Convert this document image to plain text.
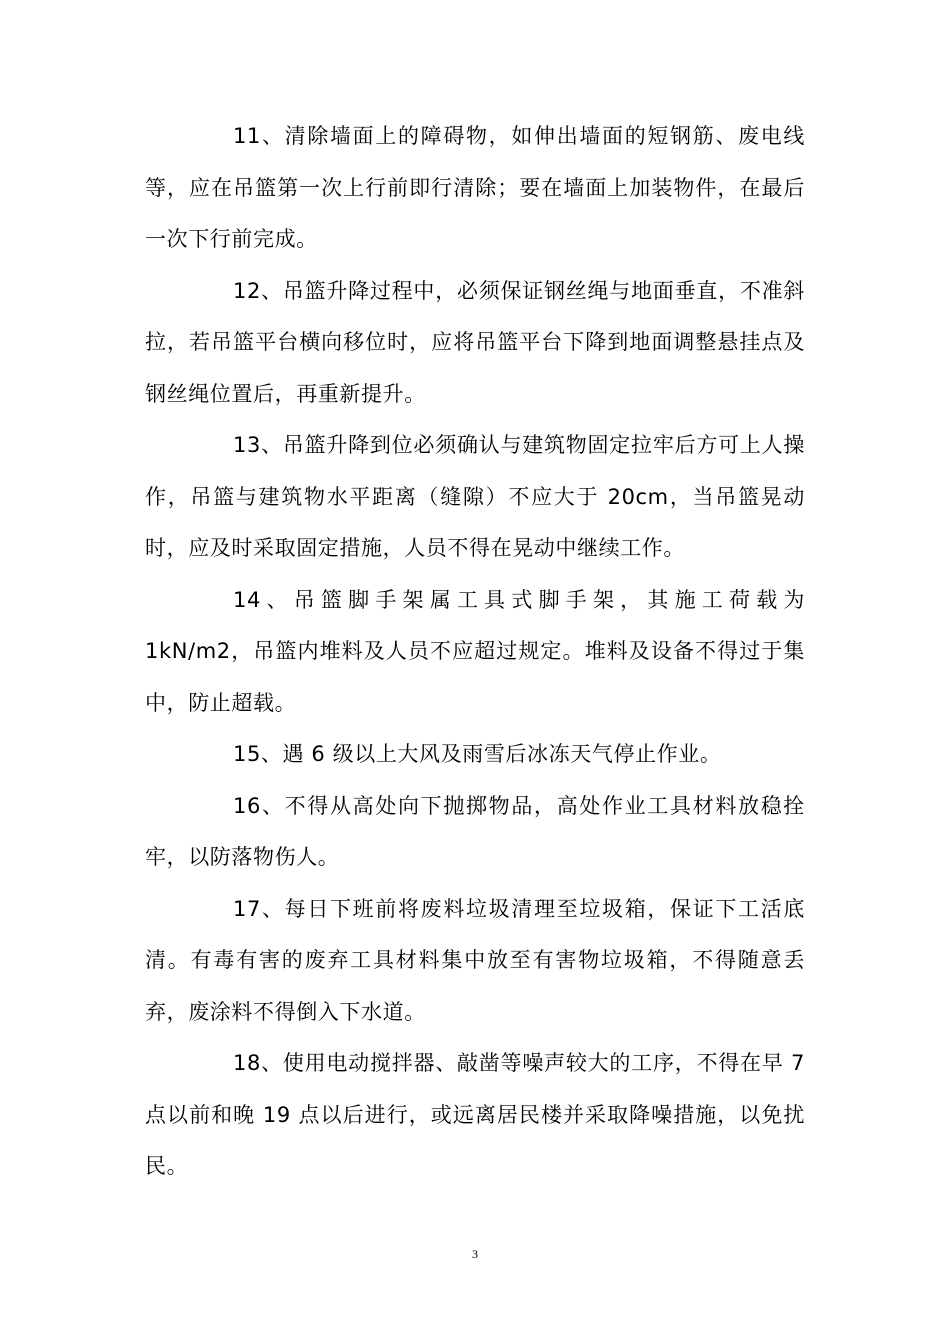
11、清除墙面上的障碍物，如伸出墙面的短钢筋、废电线等，应在吊篮第一次上行前即行清除；要在墙面上加装物件，在最后一次下行前完成。

12、吊篮升降过程中，必须保证钢丝绳与地面垂直，不准斜拉，若吊篮平台横向移位时，应将吊篮平台下降到地面调整悬挂点及钢丝绳位置后，再重新提升。

13、吊篮升降到位必须确认与建筑物固定拉牢后方可上人操作，吊篮与建筑物水平距离（缝隙）不应大于 20cm，当吊篮晃动时，应及时采取固定措施，人员不得在晃动中继续工作。

14、吊篮脚手架属工具式脚手架，其施工荷载为 1kN/m2，吊篮内堆料及人员不应超过规定。堆料及设备不得过于集中，防止超载。

15、遇 6 级以上大风及雨雪后冰冻天气停止作业。

16、不得从高处向下抛掷物品，高处作业工具材料放稳拴牢，以防落物伤人。

17、每日下班前将废料垃圾清理至垃圾箱，保证下工活底清。有毒有害的废弃工具材料集中放至有害物垃圾箱，不得随意丢弃，废涂料不得倒入下水道。

18、使用电动搅拌器、敲凿等噪声较大的工序，不得在早 7 点以前和晚 19 点以后进行，或远离居民楼并采取降噪措施，以免扰民。

3
